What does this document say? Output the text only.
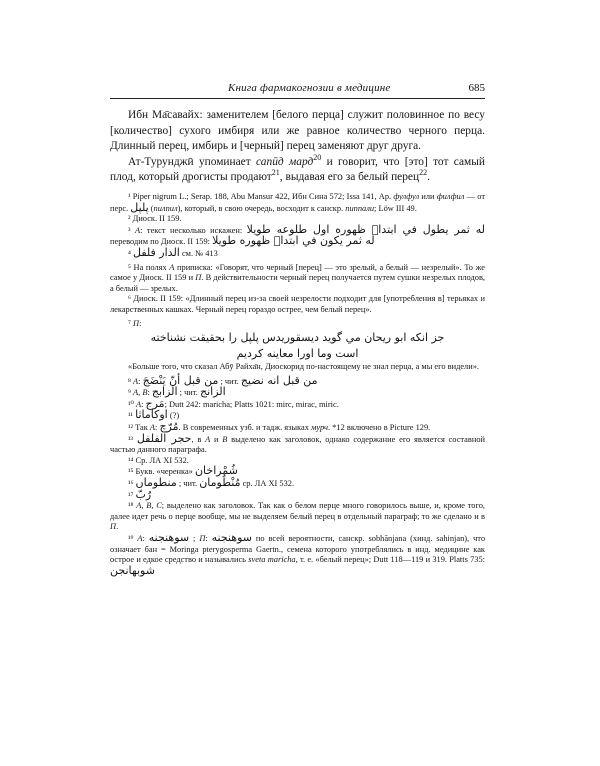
Книга фармакогнозии в медицине	685

Ибн Ма̄савайх: заменителем [белого перца] служит половинное по весу [количество] сухого имбиря или же равное количество черного перца. Длинный перец, имбирь и [черный] перец заменяют друг друга.

Ат-Турунджӣ упоминает сапӣд мард$^{20}$ и говорит, что [это] тот самый плод, который дрогисты продают$^{21}$, выдавая его за белый перец$^{22}$.

¹ Piper nigrum L.; Serap. 188, Abu Mansur 422, Ибн Сина 572; Issa 141, Ар. фулфул или филфил — от перс. پلپل (пилпил), который, в свою очередь, восходит к санскр. пиппали; Löw III 49.

² Диоск. II 159.

³ А: текст несколько искажен: له ثمر يطول في ابتدا٘ ظهوره اول طلوعه طويلا переводим по Диоск. II 159: له ثمر يكون في ابتدا٘ ظهوره طويلا

⁴ الدار فلفل см. № 413

⁵ На полях А приписка: «Говорят, что черный [перец] — это зрелый, а белый — незрелый». То же самое у Диоск. II 159 и П. В действительности черный перец получается путем сушки незрелых плодов, а белый — зрелых.

⁶ Диоск. II 159: «Длинный перец из-за своей незрелости подходит для [употребления в] терьяках и лекарственных кашках. Черный перец гораздо острее, чем белый перец».

⁷ П:

جز انكه ابو ريحان مي گويد ديسقوريدس پلپل را بحقيقت نشناخته
است وما اورا معاينه كرديم

«Больше того, что сказал Абӯ Райха̄н, Диоскорид по-настоящему не знал перца, а мы его видели».

⁸ А: من قبل أنّ يَنْضَجَ ; чит. من قبل انه نضيج

⁹ А, В: الزابج ; чит. الزانج

¹⁰ А: مَرج; Dutt 242: maricha; Platts 1021: mirc, mirac, miric.

¹¹ اوكاماثا (?)

¹² Так А: مُرّچ. В современных узб. и тадж. языках мурч. *12 включено в Picture 129.

¹³ حجر الفلفل, в А и В выделено как заголовок, однако содержание его является составной частью данного параграфа.

¹⁴ Ср. ЛА XI 532.

¹⁵ Букв. «черенка» شُمْراخان

¹⁶ منطوماں ; чит. مُنْطُومان ср. ЛА XI 532.

¹⁷ رُبّ

¹⁸ А, В, С; выделено как заголовок. Так как о белом перце много говорилось выше, и, кроме того, далее идет речь о перце вообще, мы не выделяем белый перец в отдельный параграф; то же сделано и в П.

¹⁹ А: سوهنجنه ; П: سوهنجنه по всей вероятности, санскр. sobhānjana (хинд. sahinjan), что означает бан = Moringa pterygosperma Gaertn., семена которого употреблялись в инд. медицине как острое и едкое средство и назывались sveta maricha, т. е. «белый перец»; Dutt 118—119 и 319. Platts 735: شوبهانجن
